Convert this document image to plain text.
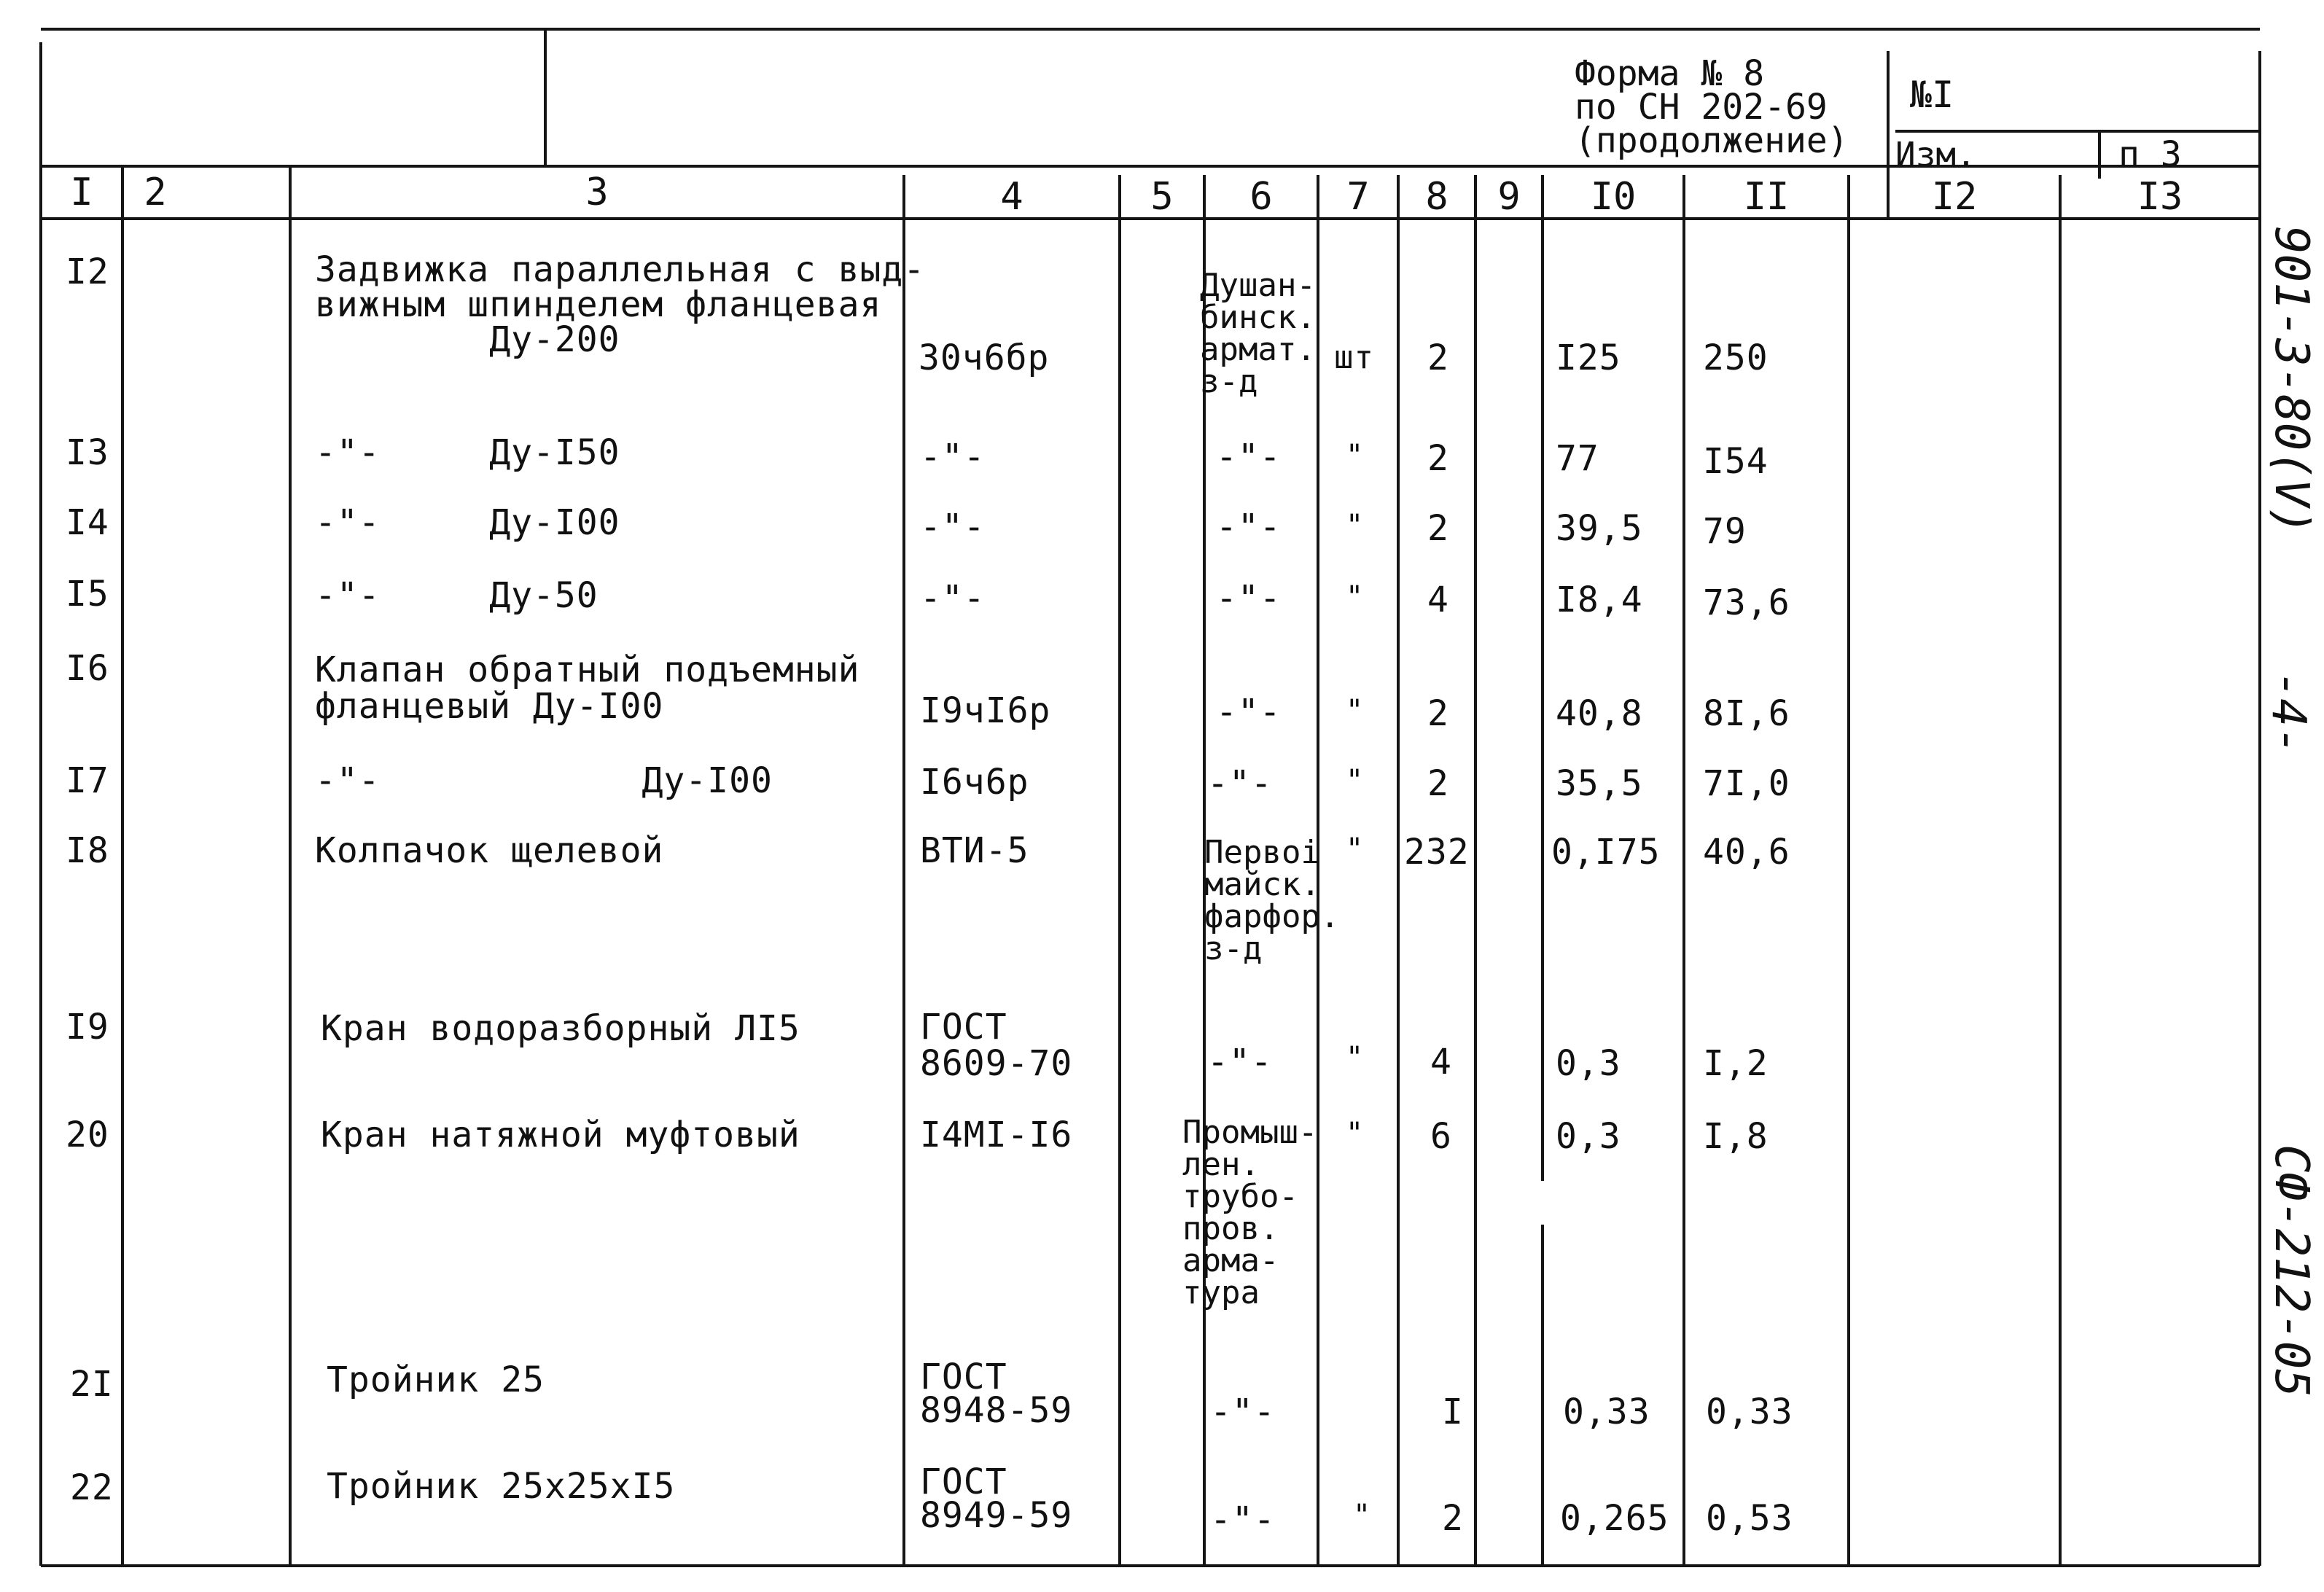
Форма № 8
по СН 202-69
(продолжение)
№I
Изм.	п 3
I	2	3	4	5	6	7	8	9	I0	II	I2	I3
I2	Задвижка параллельная с выд-
вижным шпинделем фланцевая
Ду-200	30ч6бр
Душан-
бинск.
армат.
з-д
шт 2	I25 250
I3	-"-     Ду-I50	-"-	-"- " 2	77	I54
I4	-"-     Ду-I00	-"-	-"- " 2	39,5 79
I5	-"-     Ду-50	-"-	-"- " 4	I8,4 73,6
I6	Клапан обратный подъемный
фланцевый Ду-I00	I9чI6р	-"- " 2	40,8 8I,6
I7	-"-            Ду-I00	I6ч6р	-"-	" 2	35,5 7I,0
I8	Колпачок щелевой	ВТИ-5	Первоі
майск.
фарфор.
з-д
" 232 0,I75 40,6
I9	Кран водоразборный ЛI5	ГОСТ
8609-70	-"-	" 4	0,3 I,2
20	Кран натяжной муфтовый	I4МI-I6	Промыш-
лен.
трубо-
пров.
арма-
тура
" 6	0,3 I,8
2I	Тройник 25	ГОСТ
8948-59	-"-	I	0,33 0,33
22	Тройник 25х25хI5	ГОСТ
8949-59	-"-	" 2	0,265 0,53
901-3-80(V)
-4-
СФ-212-05
